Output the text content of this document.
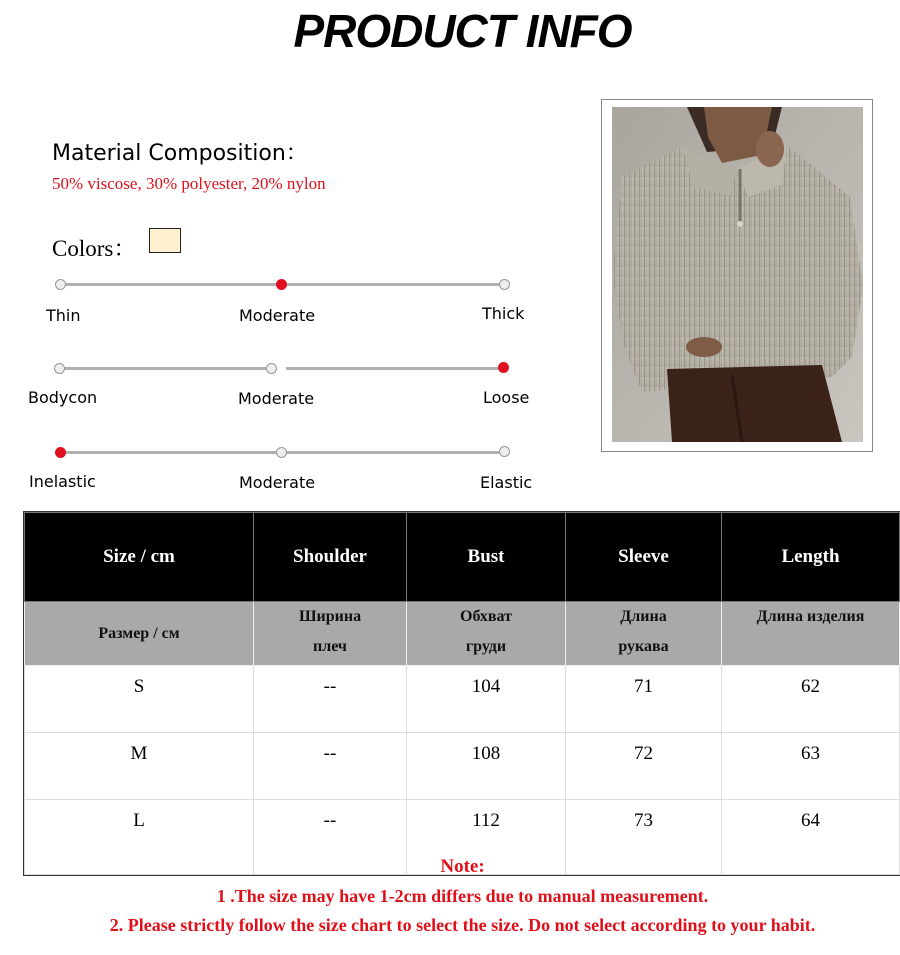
PRODUCT INFO
Material Composition：
50% viscose, 30% polyester, 20% nylon
Colors：
Thin	Moderate	Thick
Bodycon	Moderate	Loose
Inelastic	Moderate	Elastic
Size / cm	Shoulder	Bust	Sleeve	Length
Размер / см	Ширина плеч	Обхват груди	Длина рукава	Длина изделия
S	--	104	71	62
M	--	108	72	63
L	--	112	73	64
Note:
1 .The size may have 1-2cm differs due to manual measurement.
2. Please strictly follow the size chart to select the size. Do not select according to your habit.
